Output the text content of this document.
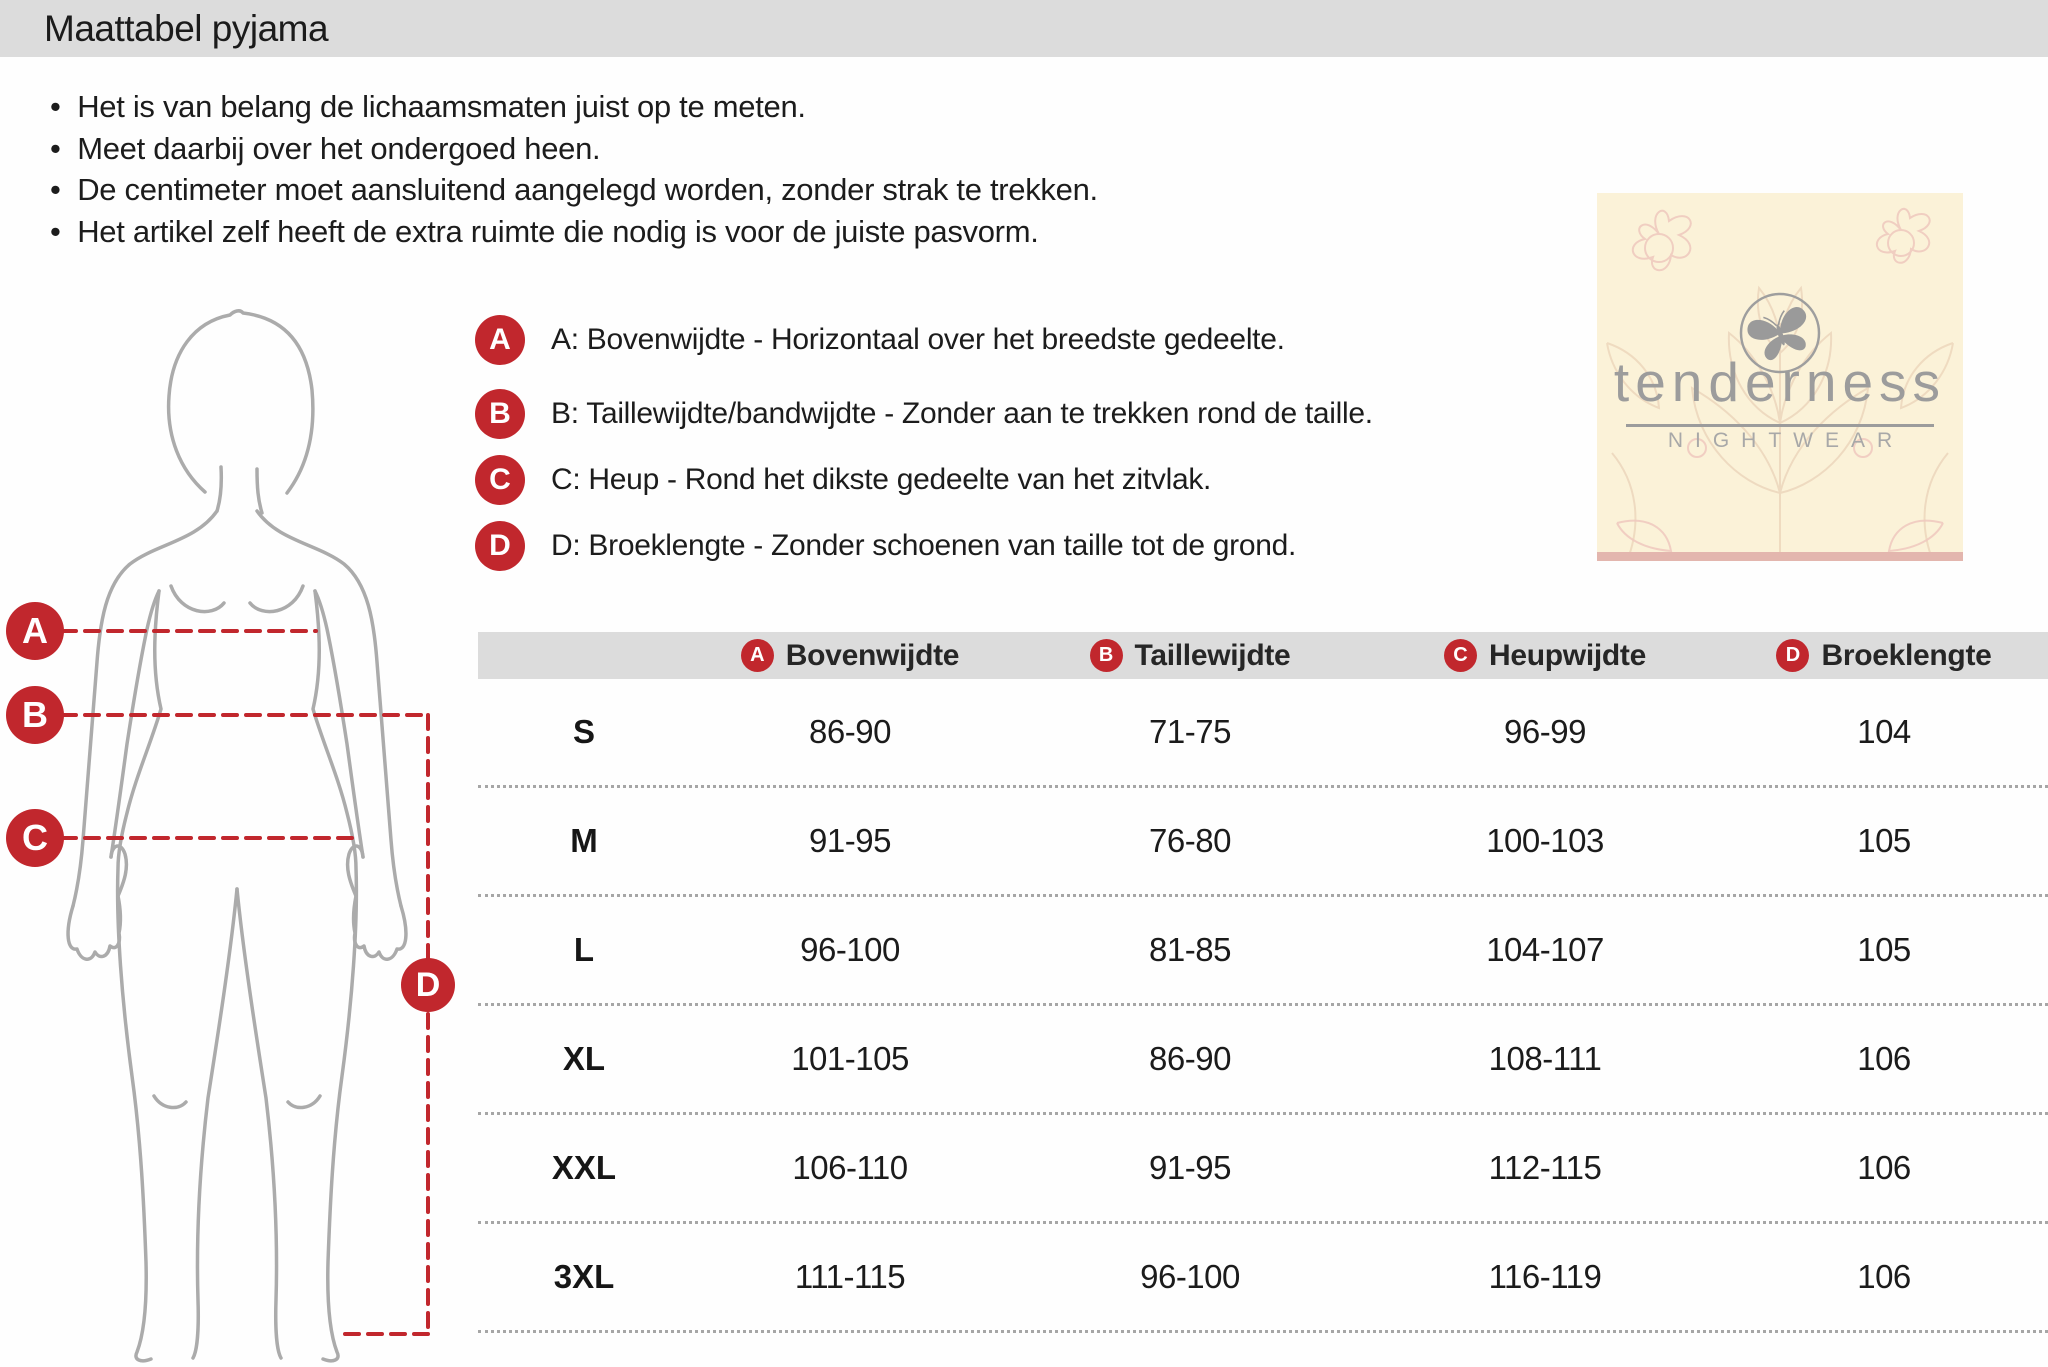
Maattabel pyjama
•  Het is van belang de lichaamsmaten juist op te meten.
•  Meet daarbij over het ondergoed heen.
•  De centimeter moet aansluitend aangelegd worden, zonder strak te trekken.
•  Het artikel zelf heeft de extra ruimte die nodig is voor de juiste pasvorm.
A
B
C
D
A	A: Bovenwijdte - Horizontaal over het breedste gedeelte.
B	B: Taillewijdte/bandwijdte - Zonder aan te trekken rond de taille.
C	C: Heup - Rond het dikste gedeelte van het zitvlak.
D	D: Broeklengte - Zonder schoenen van taille tot de grond.
tenderness
NIGHTWEAR
A Bovenwijdte	B Taillewijdte	C Heupwijdte	D Broeklengte
S	86-90	71-75	96-99	104
M	91-95	76-80	100-103	105
L	96-100	81-85	104-107	105
XL	101-105	86-90	108-111	106
XXL	106-110	91-95	112-115	106
3XL	111-115	96-100	116-119	106
